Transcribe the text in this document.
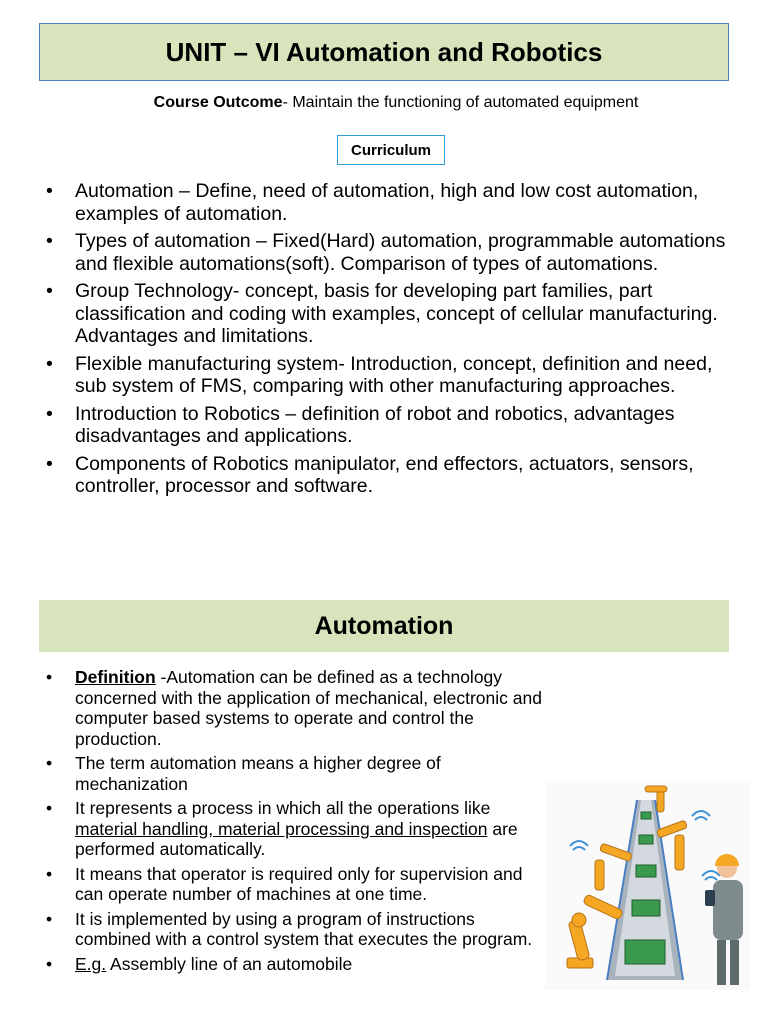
UNIT – VI Automation and Robotics
Course Outcome- Maintain the functioning of automated equipment
Curriculum
• Automation – Define, need of automation, high and low cost automation, examples of automation.
• Types of automation – Fixed(Hard) automation, programmable automations and flexible automations(soft). Comparison of types of automations.
• Group Technology- concept, basis for developing part families, part classification and coding with examples, concept of cellular manufacturing. Advantages and limitations.
• Flexible manufacturing system- Introduction, concept, definition and need, sub system of FMS, comparing with other manufacturing approaches.
• Introduction to Robotics – definition of robot and robotics, advantages disadvantages and applications.
• Components of Robotics manipulator, end effectors, actuators, sensors, controller, processor and software.
Automation
• Definition -Automation can be defined as a technology concerned with the application of mechanical, electronic and computer based systems to operate and control the production.
• The term automation means a higher degree of mechanization
• It represents a process in which all the operations like material handling, material processing and inspection are performed automatically.
• It means that operator is required only for supervision and can operate number of machines at one time.
• It is implemented by using a program of instructions combined with a control system that executes the program.
• E.g. Assembly line of an automobile
